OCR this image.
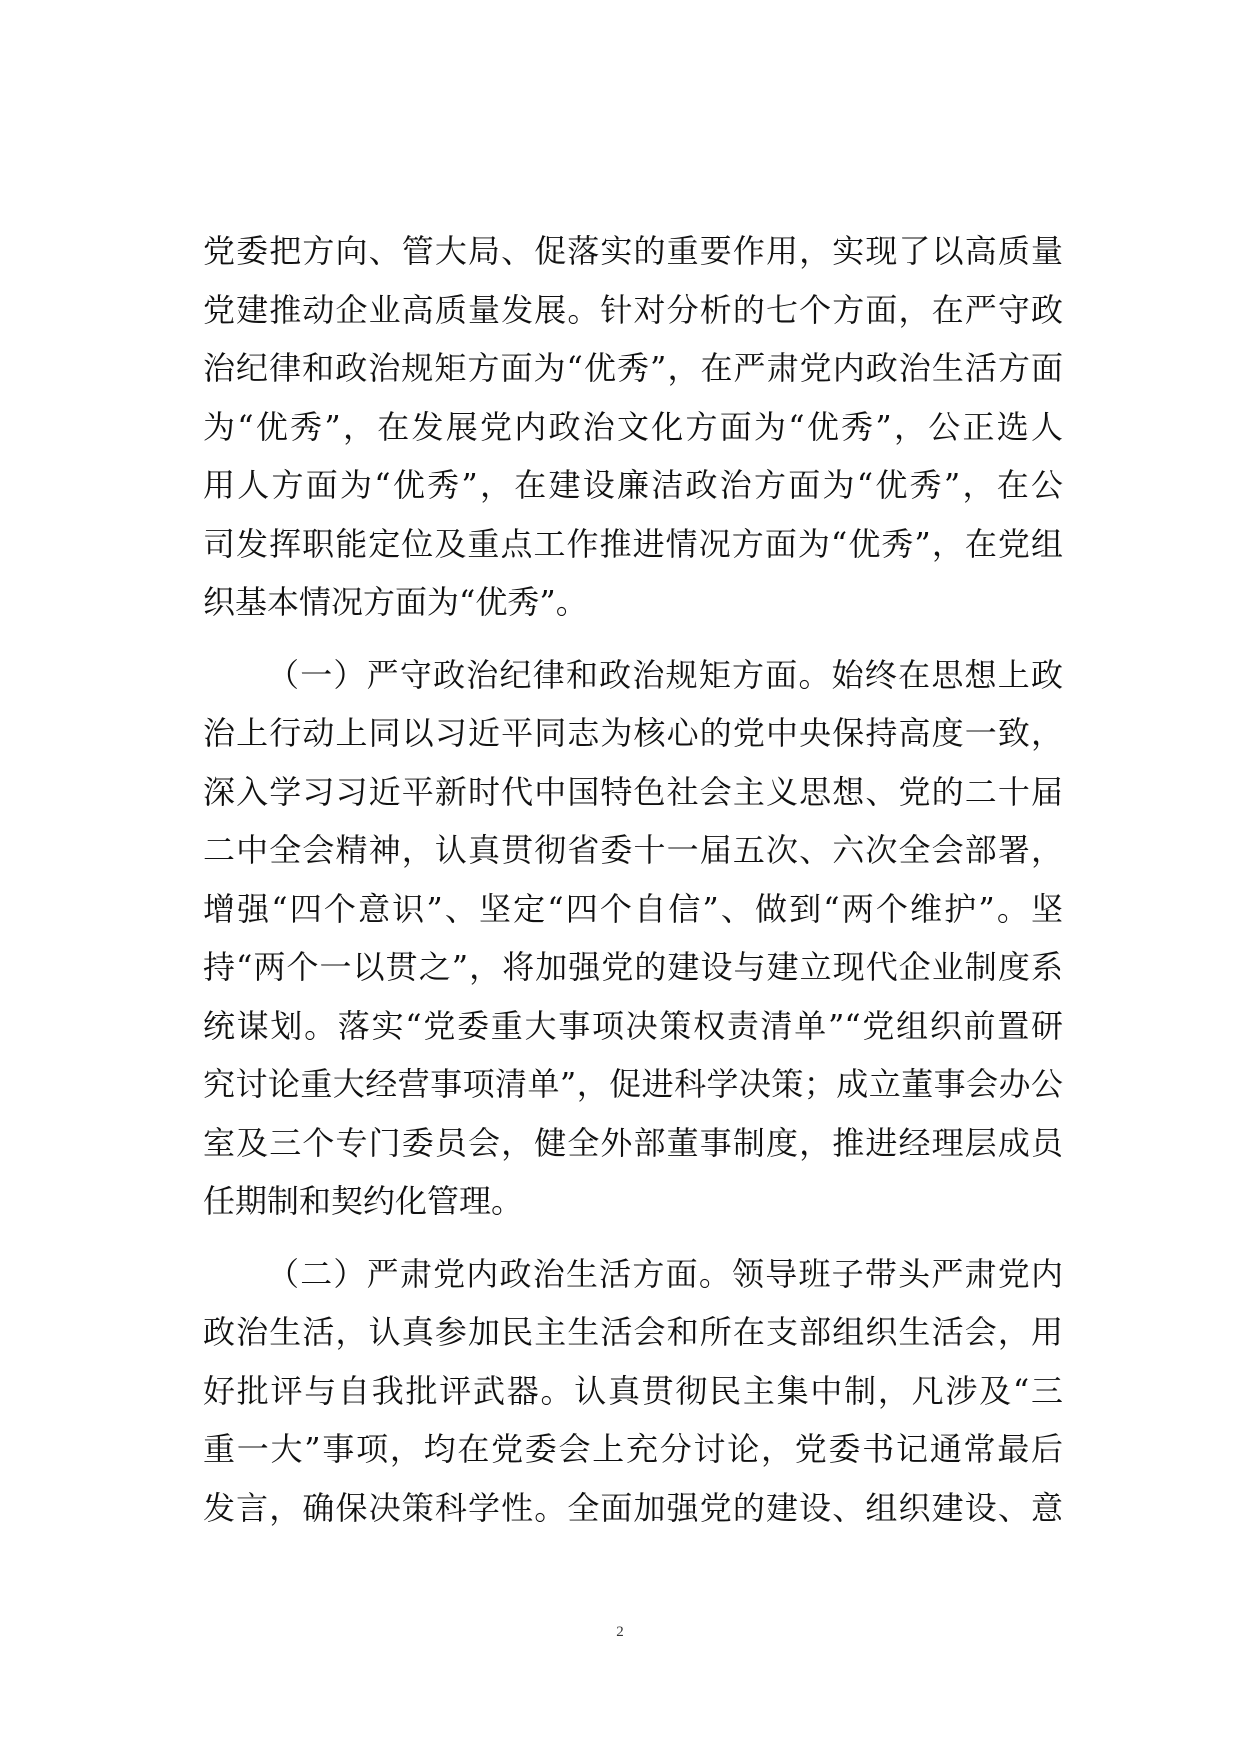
党委把方向、管大局、促落实的重要作用，实现了以高质量
党建推动企业高质量发展。针对分析的七个方面，在严守政
治纪律和政治规矩方面为“优秀”，在严肃党内政治生活方面
为“优秀”，在发展党内政治文化方面为“优秀”，公正选人
用人方面为“优秀”，在建设廉洁政治方面为“优秀”，在公
司发挥职能定位及重点工作推进情况方面为“优秀”，在党组
织基本情况方面为“优秀”。
（一）严守政治纪律和政治规矩方面。始终在思想上政
治上行动上同以习近平同志为核心的党中央保持高度一致，
深入学习习近平新时代中国特色社会主义思想、党的二十届
二中全会精神，认真贯彻省委十一届五次、六次全会部署，
增强“四个意识”、坚定“四个自信”、做到“两个维护”。坚
持“两个一以贯之”，将加强党的建设与建立现代企业制度系
统谋划。落实“党委重大事项决策权责清单”“党组织前置研
究讨论重大经营事项清单”，促进科学决策；成立董事会办公
室及三个专门委员会，健全外部董事制度，推进经理层成员
任期制和契约化管理。
（二）严肃党内政治生活方面。领导班子带头严肃党内
政治生活，认真参加民主生活会和所在支部组织生活会，用
好批评与自我批评武器。认真贯彻民主集中制，凡涉及“三
重一大”事项，均在党委会上充分讨论，党委书记通常最后
发言，确保决策科学性。全面加强党的建设、组织建设、意
2
